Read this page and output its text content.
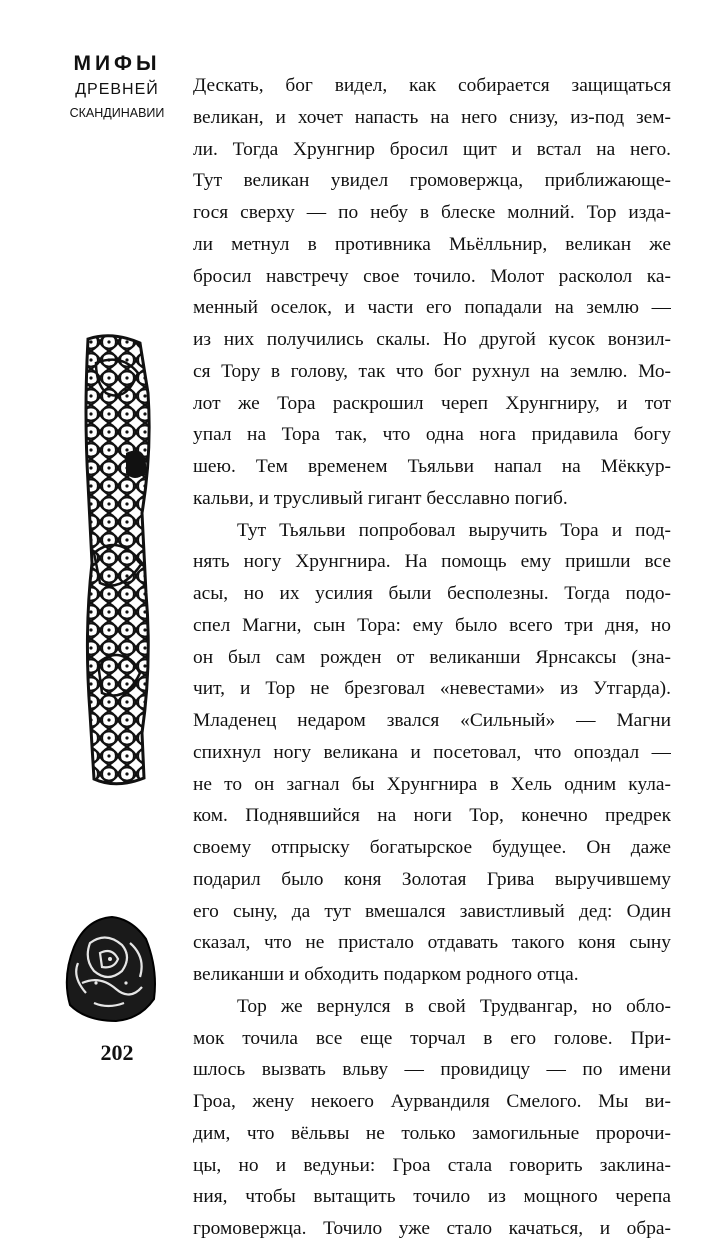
МИФЫ
ДРЕВНЕЙ
СКАНДИНАВИИ
202
Дескать, бог видел, как собирается защищаться
великан, и хочет напасть на него снизу, из-под зем-
ли. Тогда Хрунгнир бросил щит и встал на него.
Тут великан увидел громовержца, приближающе-
гося сверху — по небу в блеске молний. Тор изда-
ли метнул в противника Мьёлльнир, великан же
бросил навстречу свое точило. Молот расколол ка-
менный оселок, и части его попадали на землю —
из них получились скалы. Но другой кусок вонзил-
ся Тору в голову, так что бог рухнул на землю. Мо-
лот же Тора раскрошил череп Хрунгниру, и тот
упал на Тора так, что одна нога придавила богу
шею. Тем временем Тьяльви напал на Мёккур-
кальви, и трусливый гигант бесславно погиб.
Тут Тьяльви попробовал выручить Тора и под-
нять ногу Хрунгнира. На помощь ему пришли все
асы, но их усилия были бесполезны. Тогда подо-
спел Магни, сын Тора: ему было всего три дня, но
он был сам рожден от великанши Ярнсаксы (зна-
чит, и Тор не брезговал «невестами» из Утгарда).
Младенец недаром звался «Сильный» — Магни
спихнул ногу великана и посетовал, что опоздал —
не то он загнал бы Хрунгнира в Хель одним кула-
ком. Поднявшийся на ноги Тор, конечно предрек
своему отпрыску богатырское будущее. Он даже
подарил было коня Золотая Грива выручившему
его сыну, да тут вмешался завистливый дед: Один
сказал, что не пристало отдавать такого коня сыну
великанши и обходить подарком родного отца.
Тор же вернулся в свой Трудвангар, но облo-
мок точила все еще торчал в его голове. При-
шлось вызвать вльву — провидицу — по имени
Гроа, жену некоего Аурвандиля Смелого. Мы ви-
дим, что вёльвы не только замогильные пророчи-
цы, но и ведуньи: Гроа стала говорить заклина-
ния, чтобы вытащить точило из мощного черепа
громовержца. Точило уже стало качаться, и обра-
